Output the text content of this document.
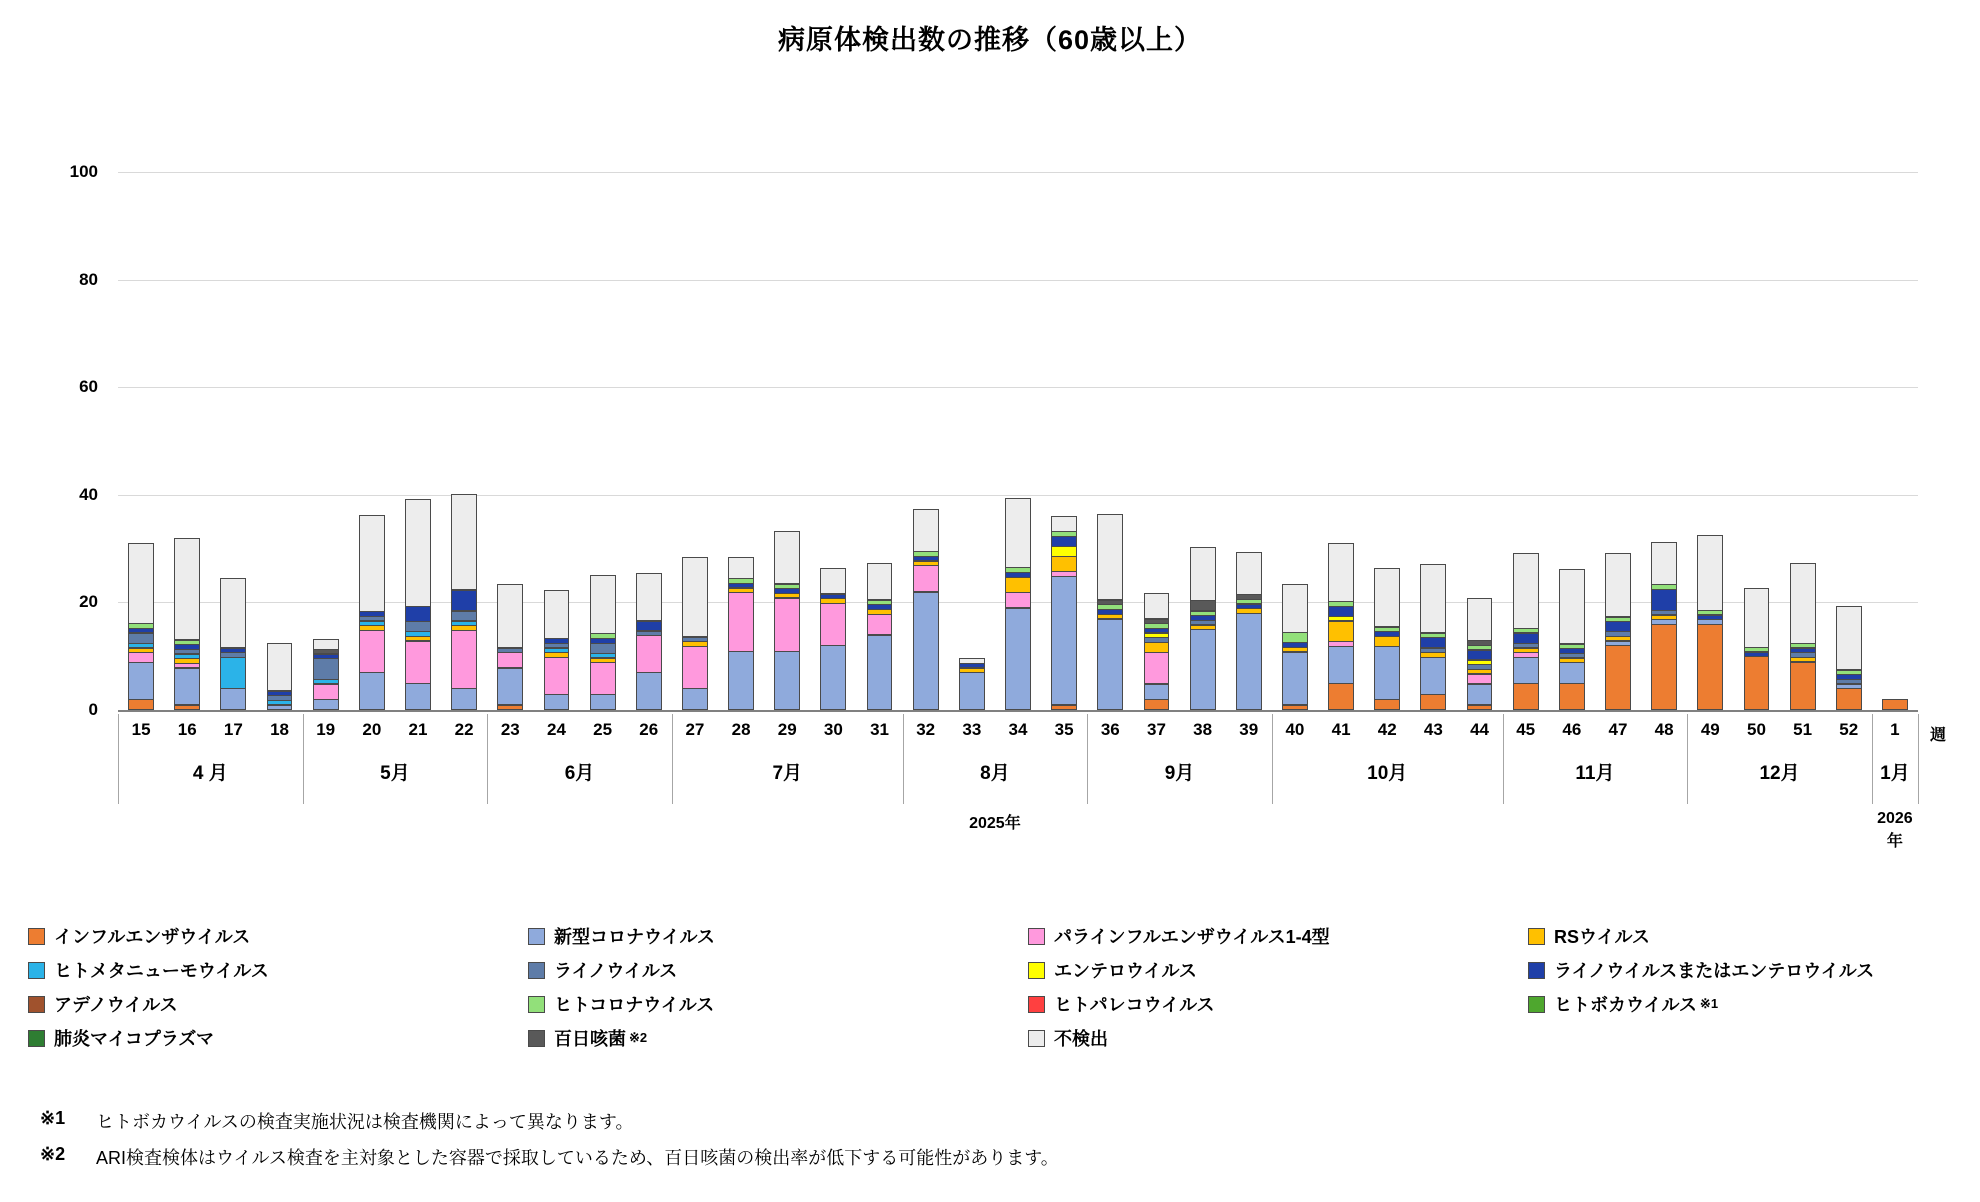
病原体検出数の推移（60歳以上）
0
20
40
60
80
100
15	16	17	18	19	20	21	22	23	24	25	26	27	28	29	30	31	32	33	34	35	36	37	38	39	40	41	42	43	44	45	46	47	48	49	50	51	52	1	週
4 月	5月	6月	7月	8月	9月	10月	11月	12月	1月
2025年	2026年
インフルエンザウイルス	新型コロナウイルス	パラインフルエンザウイルス1-4型	RSウイルス
ヒトメタニューモウイルス	ライノウイルス	エンテロウイルス	ライノウイルスまたはエンテロウイルス
アデノウイルス	ヒトコロナウイルス	ヒトパレコウイルス	ヒトボカウイルス ※1
肺炎マイコプラズマ	百日咳菌 ※2	不検出
※1	ヒトボカウイルスの検査実施状況は検査機関によって異なります。
※2	ARI検査検体はウイルス検査を主対象とした容器で採取しているため、百日咳菌の検出率が低下する可能性があります。
